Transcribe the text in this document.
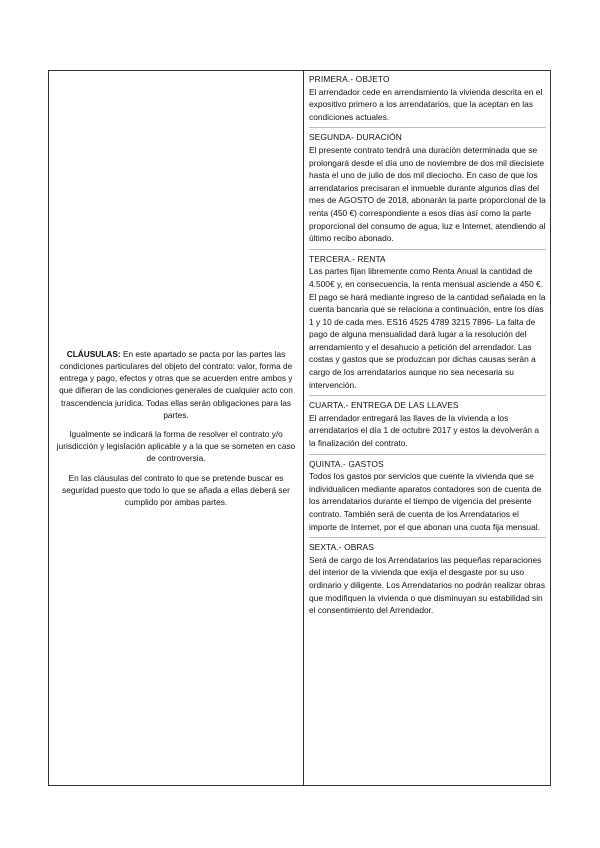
CLÁUSULAS: En este apartado se pacta por las partes las condiciones particulares del objeto del contrato: valor, forma de entrega y pago, efectos y otras que se acuerden entre ambos y que difieran de las condiciones generales de cualquier acto con trascendencia jurídica. Todas ellas serán obligaciones para las partes.

Igualmente se indicará la forma de resolver el contrato y/o jurisdicción y legislación aplicable y a la que se someten en caso de controversia.

En las cláusulas del contrato lo que se pretende buscar es seguridad puesto que todo lo que se añada a ellas deberá ser cumplido por ambas partes.

PRIMERA.- OBJETO

El arrendador cede en arrendamiento la vivienda descrita en el expositivo primero a los arrendatarios, que la aceptan en las condiciones actuales.

SEGUNDA- DURACIÓN

El presente contrato tendrá una duración determinada que se prolongará desde el día uno de noviembre de dos mil diecisiete hasta el uno de julio de dos mil dieciocho. En caso de que los arrendatarios precisaran el inmueble durante algunos días del mes de AGOSTO de 2018, abonarán la parte proporcional de la renta (450 €) correspondiente a esos días así como la parte proporcional del consumo de agua, luz e Internet, atendiendo al último recibo abonado.

TERCERA.- RENTA

Las partes fijan libremente como Renta Anual la cantidad de 4.500€ y, en consecuencia, la renta mensual asciende a 450 €. El pago se hará mediante ingreso de la cantidad señalada en la cuenta bancaria que se relaciona a continuación, entre los días 1 y 10 de cada mes. ES16 4525 4789 3215 7896- La falta de pago de alguna mensualidad dará lugar a la resolución del arrendamiento y el desahucio a petición del arrendador. Las costas y gastos que se produzcan por dichas causas serán a cargo de los arrendatarios aunque no sea necesaria su intervención.

CUARTA.- ENTREGA DE LAS LLAVES

El arrendador entregará las llaves de la vivienda a los arrendatarios el día 1 de octubre 2017 y estos la devolverán a la finalización del contrato.

QUINTA.- GASTOS

Todos los gastos por servicios que cuente la vivienda que se individualicen mediante aparatos contadores son de cuenta de los arrendatarios durante el tiempo de vigencia del presente contrato. También será de cuenta de los Arrendatarios el importe de Internet, por el que abonan una cuota fija mensual.

SEXTA.- OBRAS

Será de cargo de los Arrendatarios las pequeñas reparaciones del interior de la vivienda que exija el desgaste por su uso ordinario y diligente. Los Arrendatarios no podrán realizar obras que modifiquen la vivienda o que disminuyan su estabilidad sin el consentimiento del Arrendador.
